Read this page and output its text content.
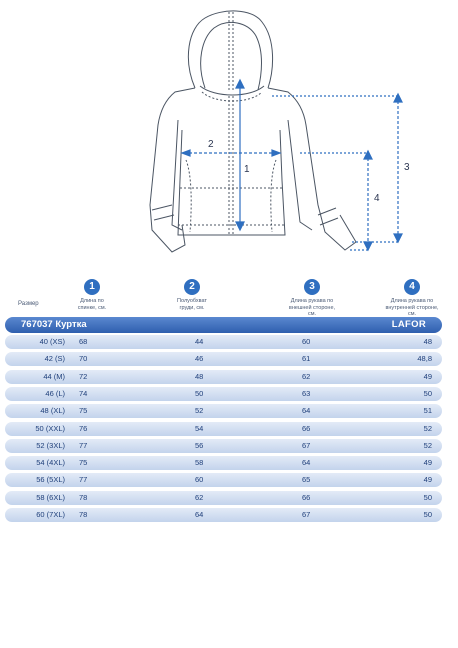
1
2
3
4
Размер
1
Длина по спинке, см.
2
Полуобхват груди, см.
3
Длина рукава по внешней стороне, см.
4
Длина рукава по внутренней стороне, см.
767037 Куртка	LAFOR
40 (XS) 68	44	60	48
42 (S) 70	46	61	48,8
44 (M) 72	48	62	49
46 (L) 74	50	63	50
48 (XL) 75	52	64	51
50 (XXL) 76	54	66	52
52 (3XL) 77	56	67	52
54 (4XL) 75	58	64	49
56 (5XL) 77	60	65	49
58 (6XL) 78	62	66	50
60 (7XL) 78	64	67	50
